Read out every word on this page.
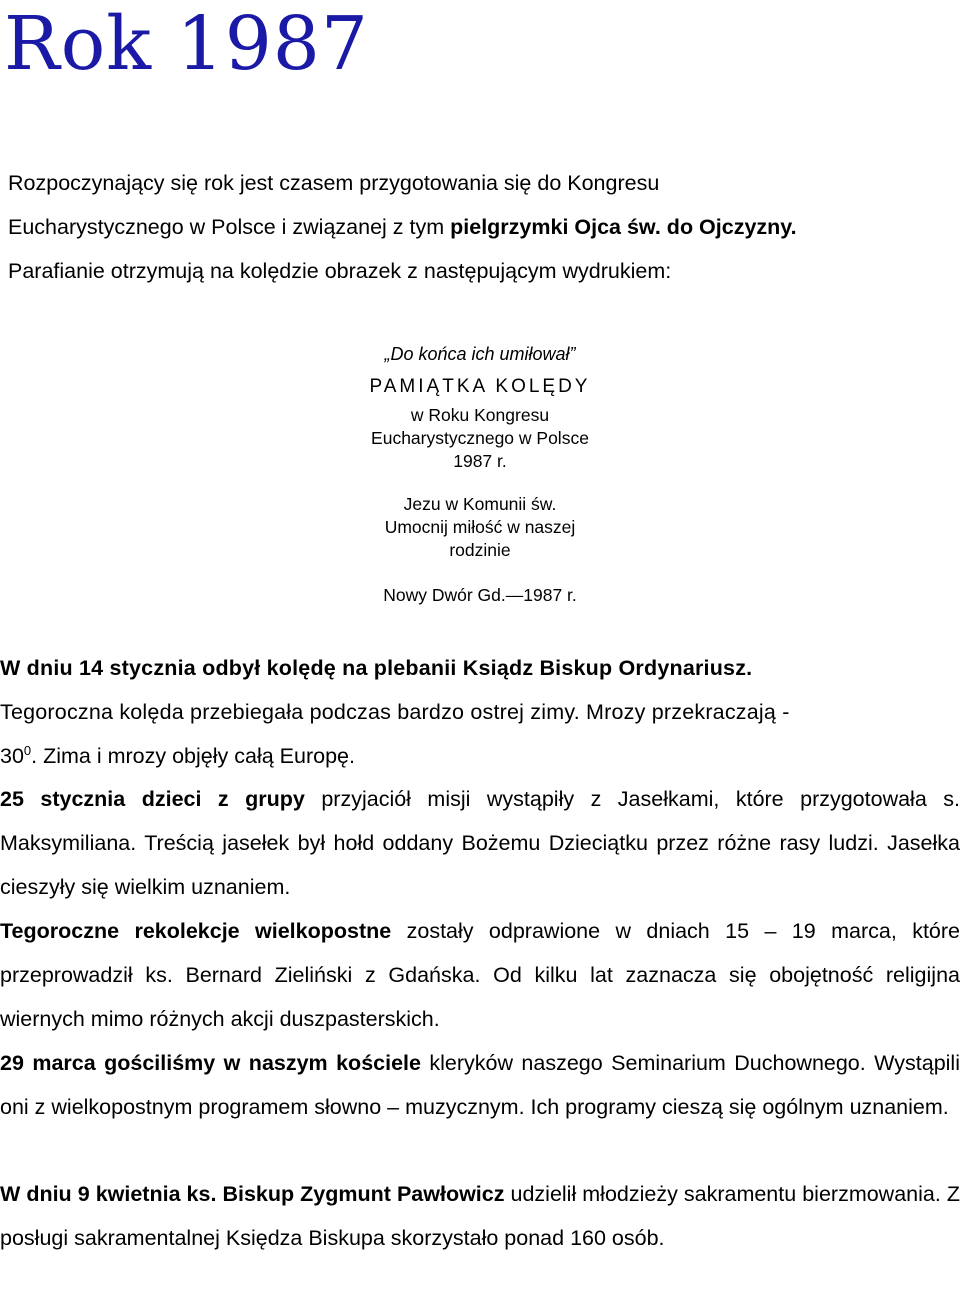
Rok 1987

Rozpoczynający się rok jest czasem przygotowania się do Kongresu
Eucharystycznego w Polsce i związanej z tym pielgrzymki Ojca św. do Ojczyzny.
Parafianie otrzymują na kolędzie obrazek z następującym wydrukiem:

„Do końca ich umiłował”
PAMIĄTKA KOLĘDY
w Roku Kongresu
Eucharystycznego w Polsce
1987 r.
Jezu w Komunii św.
Umocnij miłość w naszej
rodzinie
Nowy Dwór Gd.—1987 r.

W dniu 14 stycznia odbył kolędę na plebanii Ksiądz Biskup Ordynariusz.
Tegoroczna kolęda przebiegała podczas bardzo ostrej zimy. Mrozy przekraczają -
$30^0$. Zima i mrozy objęły całą Europę.

25 stycznia dzieci z grupy przyjaciół misji wystąpiły z Jasełkami, które przygotowała s. Maksymiliana. Treścią jasełek był hołd oddany Bożemu Dzieciątku przez różne rasy ludzi. Jasełka cieszyły się wielkim uznaniem.

Tegoroczne rekolekcje wielkopostne zostały odprawione w dniach 15 – 19 marca, które przeprowadził ks. Bernard Zieliński z Gdańska. Od kilku lat zaznacza się obojętność religijna wiernych mimo różnych akcji duszpasterskich.

29 marca gościliśmy w naszym kościele kleryków naszego Seminarium Duchownego. Wystąpili oni z wielkopostnym programem słowno – muzycznym. Ich programy cieszą się ogólnym uznaniem.

W dniu 9 kwietnia ks. Biskup Zygmunt Pawłowicz udzielił młodzieży sakramentu bierzmowania. Z posługi sakramentalnej Księdza Biskupa skorzystało ponad 160 osób.
